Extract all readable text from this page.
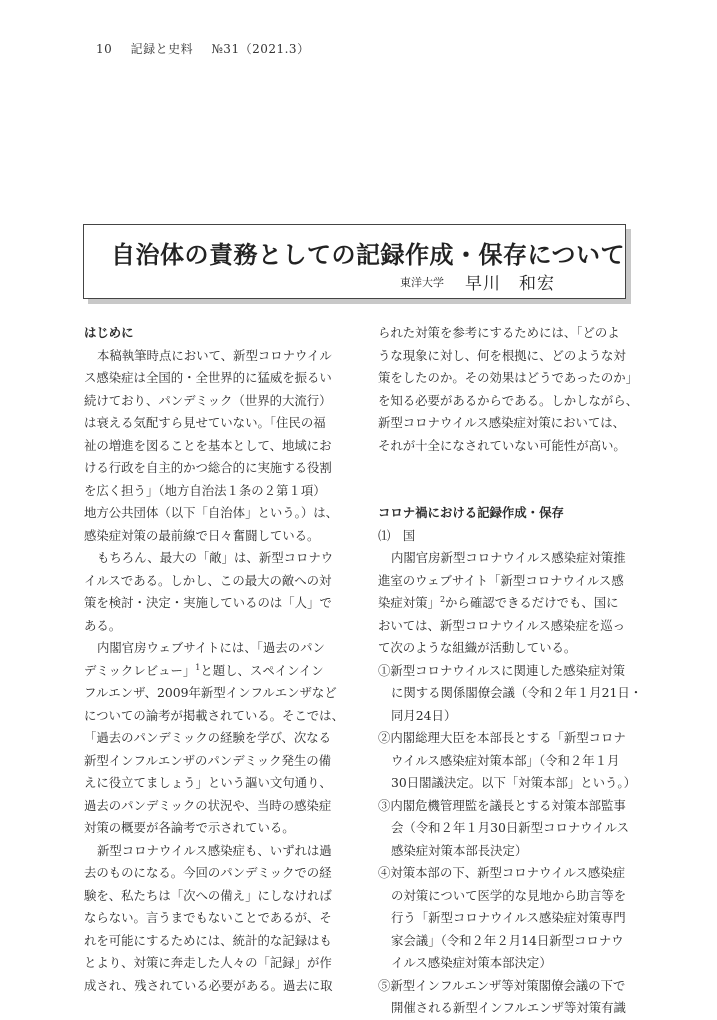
10 記録と史料 №31（2021.3）
自治体の責務としての記録作成・保存について
東洋大学 早川　和宏
はじめに
本稿執筆時点において、新型コロナウイル
ス感染症は全国的・全世界的に猛威を振るい
続けており、パンデミック（世界的大流行）
は衰える気配すら見せていない。「住民の福
祉の増進を図ることを基本として、地域にお
ける行政を自主的かつ総合的に実施する役割
を広く担う」（地方自治法１条の２第１項）
地方公共団体（以下「自治体」という。）は、
感染症対策の最前線で日々奮闘している。
もちろん、最大の「敵」は、新型コロナウ
イルスである。しかし、この最大の敵への対
策を検討・決定・実施しているのは「人」で
ある。
内閣官房ウェブサイトには、「過去のパン
デミックレビュー」$^1$と題し、スペインイン
フルエンザ、2009年新型インフルエンザなど
についての論考が掲載されている。そこでは、
「過去のパンデミックの経験を学び、次なる
新型インフルエンザのパンデミック発生の備
えに役立てましょう」という謳い文句通り、
過去のパンデミックの状況や、当時の感染症
対策の概要が各論考で示されている。
新型コロナウイルス感染症も、いずれは過
去のものになる。今回のパンデミックでの経
験を、私たちは「次への備え」にしなければ
ならない。言うまでもないことであるが、そ
れを可能にするためには、統計的な記録はも
とより、対策に奔走した人々の「記録」が作
成され、残されている必要がある。過去に取
られた対策を参考にするためには、「どのよ
うな現象に対し、何を根拠に、どのような対
策をしたのか。その効果はどうであったのか」
を知る必要があるからである。しかしながら、
新型コロナウイルス感染症対策においては、
それが十全になされていない可能性が高い。
コロナ禍における記録作成・保存
⑴　国
内閣官房新型コロナウイルス感染症対策推
進室のウェブサイト「新型コロナウイルス感
染症対策」$^2$から確認できるだけでも、国に
おいては、新型コロナウイルス感染症を巡っ
て次のような組織が活動している。
①新型コロナウイルスに関連した感染症対策
に関する関係閣僚会議（令和２年１月21日・
同月24日）
②内閣総理大臣を本部長とする「新型コロナ
ウイルス感染症対策本部」（令和２年１月
30日閣議決定。以下「対策本部」という。）
③内閣危機管理監を議長とする対策本部監事
会（令和２年１月30日新型コロナウイルス
感染症対策本部長決定）
④対策本部の下、新型コロナウイルス感染症
の対策について医学的な見地から助言等を
行う「新型コロナウイルス感染症対策専門
家会議」（令和２年２月14日新型コロナウ
イルス感染症対策本部決定）
⑤新型インフルエンザ等対策閣僚会議の下で
開催される新型インフルエンザ等対策有識
